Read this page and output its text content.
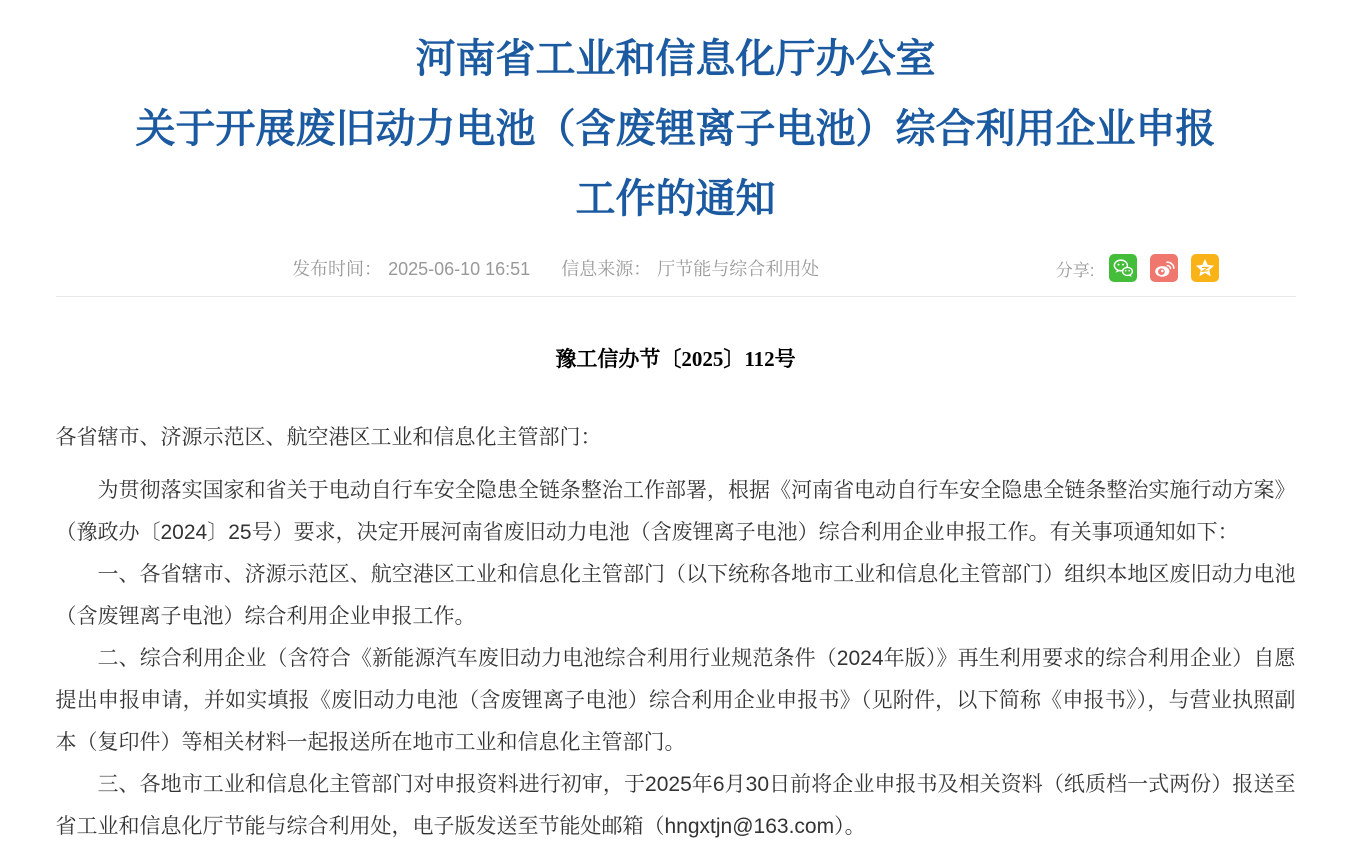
河南省工业和信息化厅办公室
关于开展废旧动力电池（含废锂离子电池）综合利用企业申报
工作的通知
发布时间： 2025-06-10 16:51 信息来源： 厅节能与综合利用处	分享:
豫工信办节〔2025〕112号

各省辖市、济源示范区、航空港区工业和信息化主管部门：

为贯彻落实国家和省关于电动自行车安全隐患全链条整治工作部署，根据《河南省电动自行车安全隐患全链条整治实施行动方案》（豫政办〔2024〕25号）要求，决定开展河南省废旧动力电池（含废锂离子电池）综合利用企业申报工作。有关事项通知如下：

一、各省辖市、济源示范区、航空港区工业和信息化主管部门（以下统称各地市工业和信息化主管部门）组织本地区废旧动力电池（含废锂离子电池）综合利用企业申报工作。

二、综合利用企业（含符合《新能源汽车废旧动力电池综合利用行业规范条件（2024年版）》再生利用要求的综合利用企业）自愿提出申报申请，并如实填报《废旧动力电池（含废锂离子电池）综合利用企业申报书》（见附件，以下简称《申报书》），与营业执照副本（复印件）等相关材料一起报送所在地市工业和信息化主管部门。

三、各地市工业和信息化主管部门对申报资料进行初审，于2025年6月30日前将企业申报书及相关资料（纸质档一式两份）报送至省工业和信息化厅节能与综合利用处，电子版发送至节能处邮箱（hngxtjn@163.com）。
